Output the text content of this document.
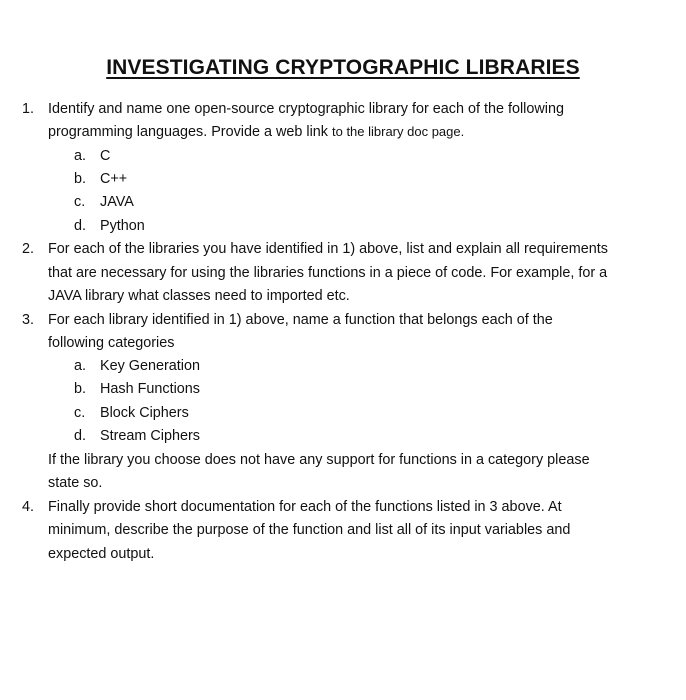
INVESTIGATING CRYPTOGRAPHIC LIBRARIES
1. Identify and name one open-source cryptographic library for each of the following
programming languages. Provide a web link to the library doc page.
a. C
b. C++
c. JAVA
d. Python
2. For each of the libraries you have identified in 1) above, list and explain all requirements
that are necessary for using the libraries functions in a piece of code. For example, for a
JAVA library what classes need to imported etc.
3. For each library identified in 1) above, name a function that belongs each of the
following categories
a. Key Generation
b. Hash Functions
c. Block Ciphers
d. Stream Ciphers
If the library you choose does not have any support for functions in a category please
state so.
4. Finally provide short documentation for each of the functions listed in 3 above. At
minimum, describe the purpose of the function and list all of its input variables and
expected output.
